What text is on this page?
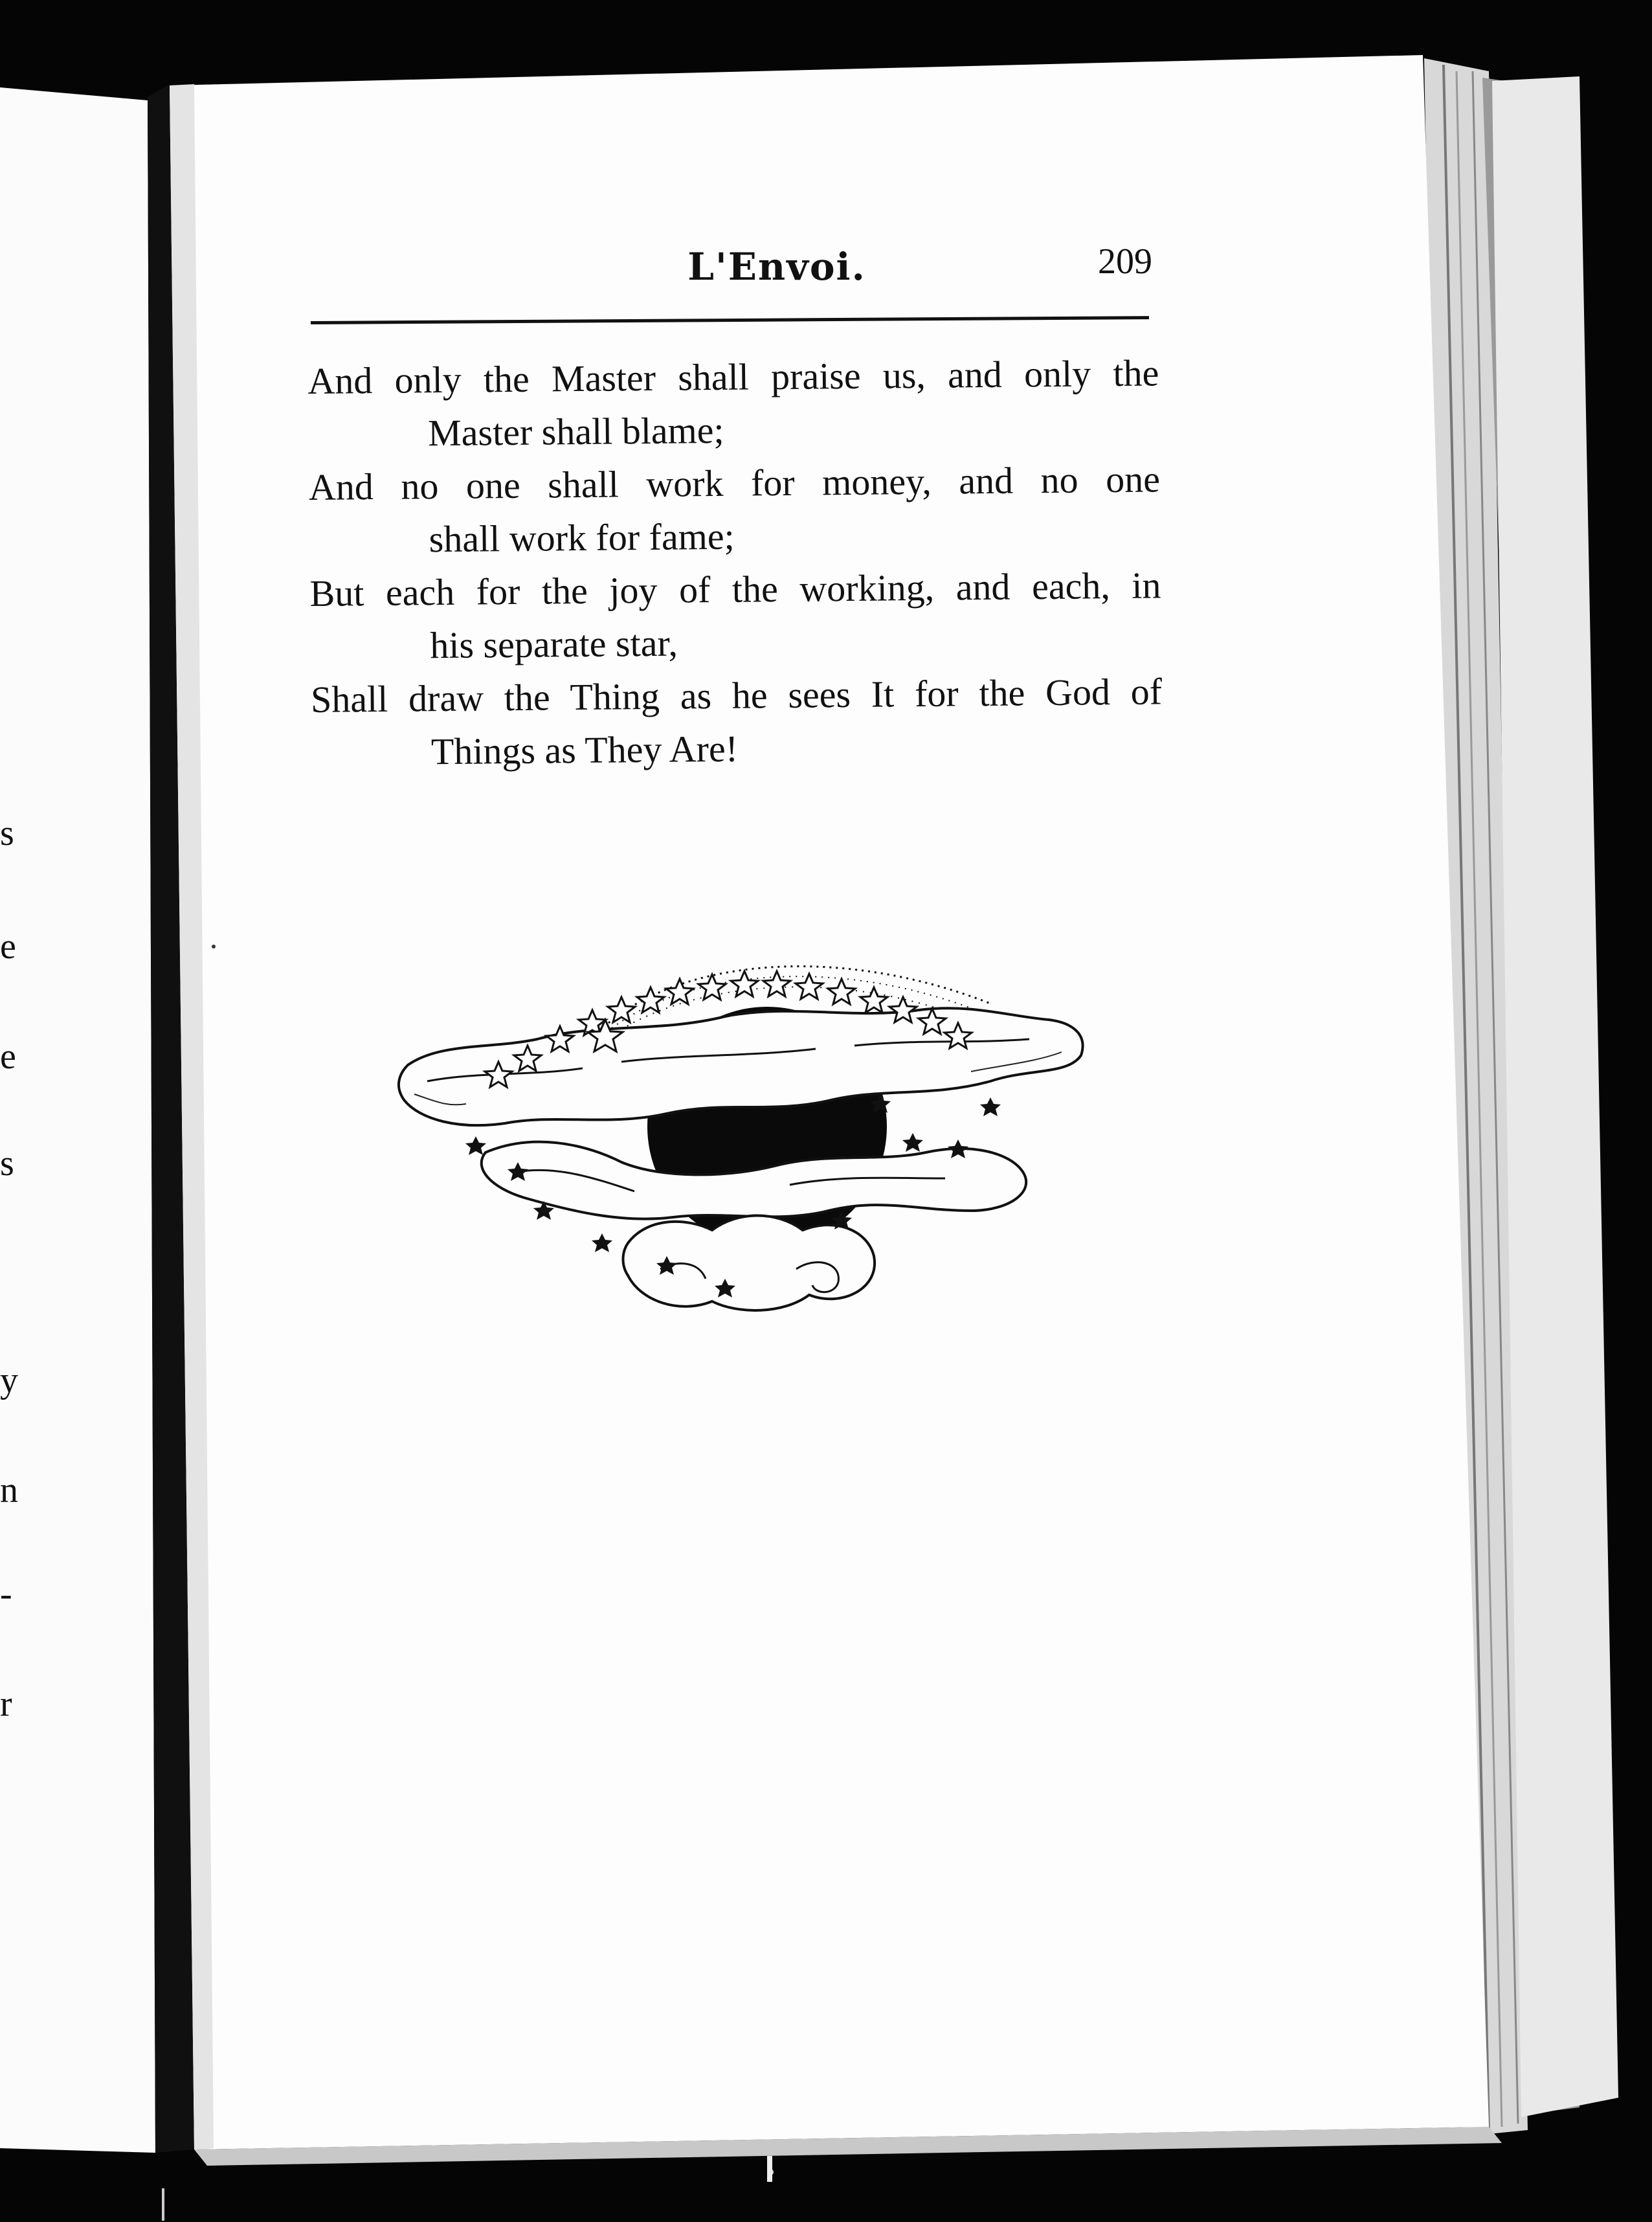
s
e
e
s
y
n
-
r
L'Envoi.	209
And only the Master shall praise us, and only the
Master shall blame;
And no one shall work for money, and no one
shall work for fame;
But each for the joy of the working, and each, in
his separate star,
Shall draw the Thing as he sees It for the God of
Things as They Are!
